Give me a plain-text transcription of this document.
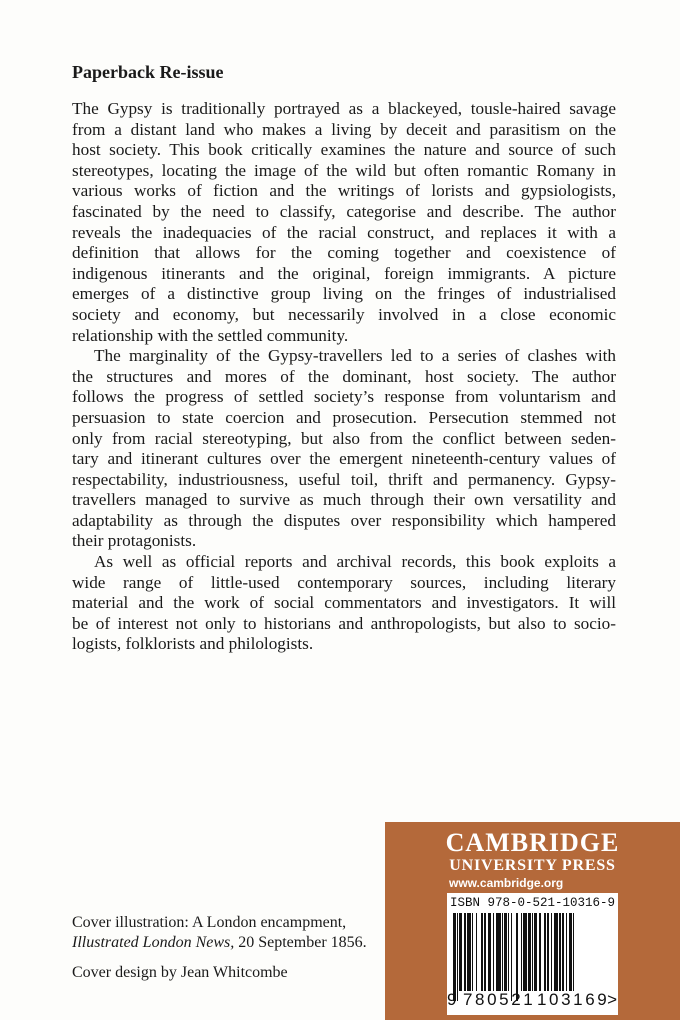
Paperback Re-issue
The Gypsy is traditionally portrayed as a blackeyed, tousle-haired savage
from a distant land who makes a living by deceit and parasitism on the
host society. This book critically examines the nature and source of such
stereotypes, locating the image of the wild but often romantic Romany in
various works of fiction and the writings of lorists and gypsiologists,
fascinated by the need to classify, categorise and describe. The author
reveals the inadequacies of the racial construct, and replaces it with a
definition that allows for the coming together and coexistence of
indigenous itinerants and the original, foreign immigrants. A picture
emerges of a distinctive group living on the fringes of industrialised
society and economy, but necessarily involved in a close economic
relationship with the settled community.
The marginality of the Gypsy-travellers led to a series of clashes with
the structures and mores of the dominant, host society. The author
follows the progress of settled society’s response from voluntarism and
persuasion to state coercion and prosecution. Persecution stemmed not
only from racial stereotyping, but also from the conflict between seden-
tary and itinerant cultures over the emergent nineteenth-century values of
respectability, industriousness, useful toil, thrift and permanency. Gypsy-
travellers managed to survive as much through their own versatility and
adaptability as through the disputes over responsibility which hampered
their protagonists.
As well as official reports and archival records, this book exploits a
wide range of little-used contemporary sources, including literary
material and the work of social commentators and investigators. It will
be of interest not only to historians and anthropologists, but also to socio-
logists, folklorists and philologists.
Cover illustration: A London encampment,
Illustrated London News, 20 September 1856.
Cover design by Jean Whitcombe
CAMBRIDGE
UNIVERSITY PRESS
www.cambridge.org
ISBN 978-0-521-10316-9
9 780521 103169
>
